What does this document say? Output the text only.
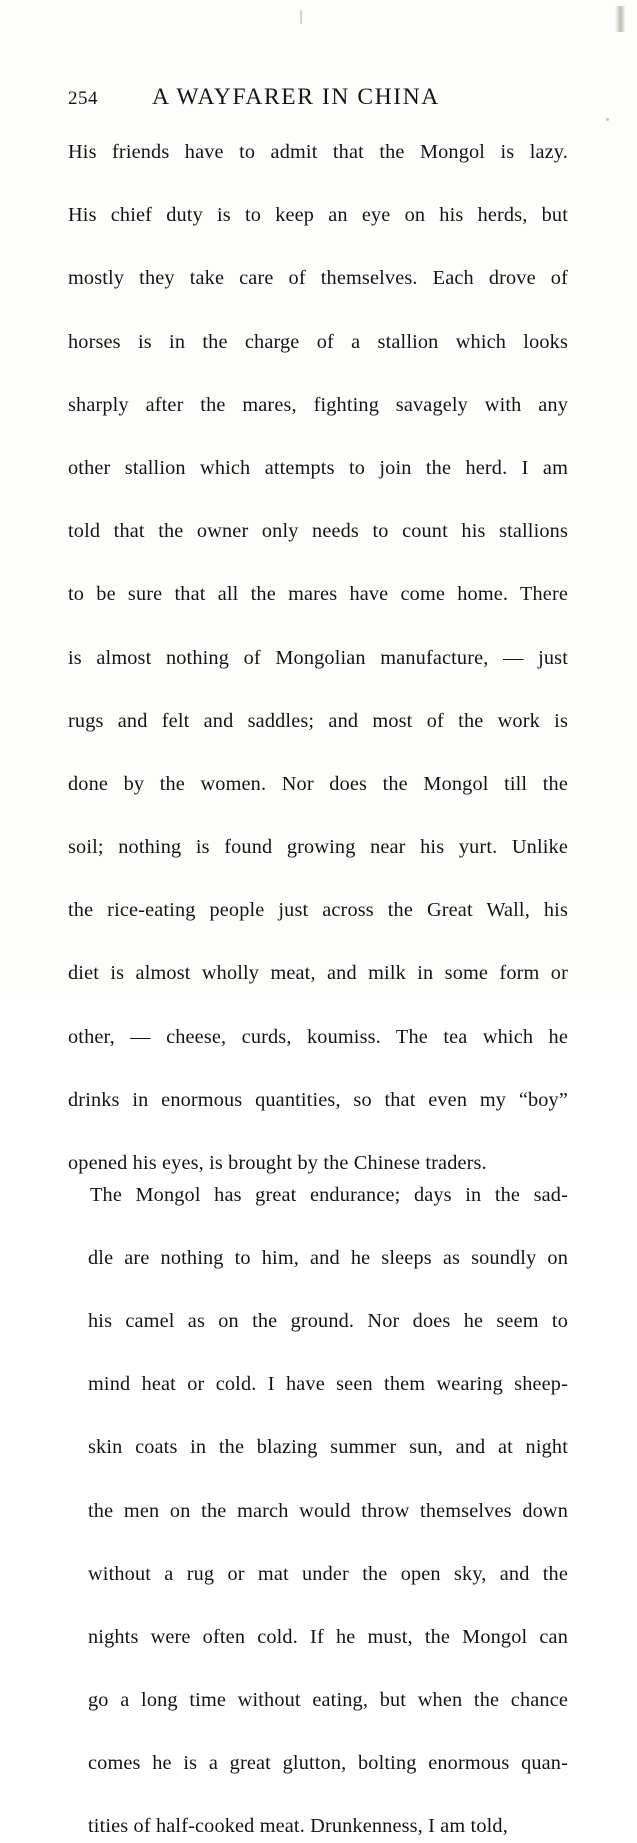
254	A WAYFARER IN CHINA

His friends have to admit that the Mongol is lazy.
His chief duty is to keep an eye on his herds, but
mostly they take care of themselves. Each drove of
horses is in the charge of a stallion which looks
sharply after the mares, fighting savagely with any
other stallion which attempts to join the herd. I am
told that the owner only needs to count his stallions
to be sure that all the mares have come home. There
is almost nothing of Mongolian manufacture, — just
rugs and felt and saddles; and most of the work is
done by the women. Nor does the Mongol till the
soil; nothing is found growing near his yurt. Unlike
the rice-eating people just across the Great Wall, his
diet is almost wholly meat, and milk in some form or
other, — cheese, curds, koumiss. The tea which he
drinks in enormous quantities, so that even my “boy”
opened his eyes, is brought by the Chinese traders.

The Mongol has great endurance; days in the sad-
dle are nothing to him, and he sleeps as soundly on
his camel as on the ground. Nor does he seem to
mind heat or cold. I have seen them wearing sheep-
skin coats in the blazing summer sun, and at night
the men on the march would throw themselves down
without a rug or mat under the open sky, and the
nights were often cold. If he must, the Mongol can
go a long time without eating, but when the chance
comes he is a great glutton, bolting enormous quan-
tities of half-cooked meat. Drunkenness, I am told,
